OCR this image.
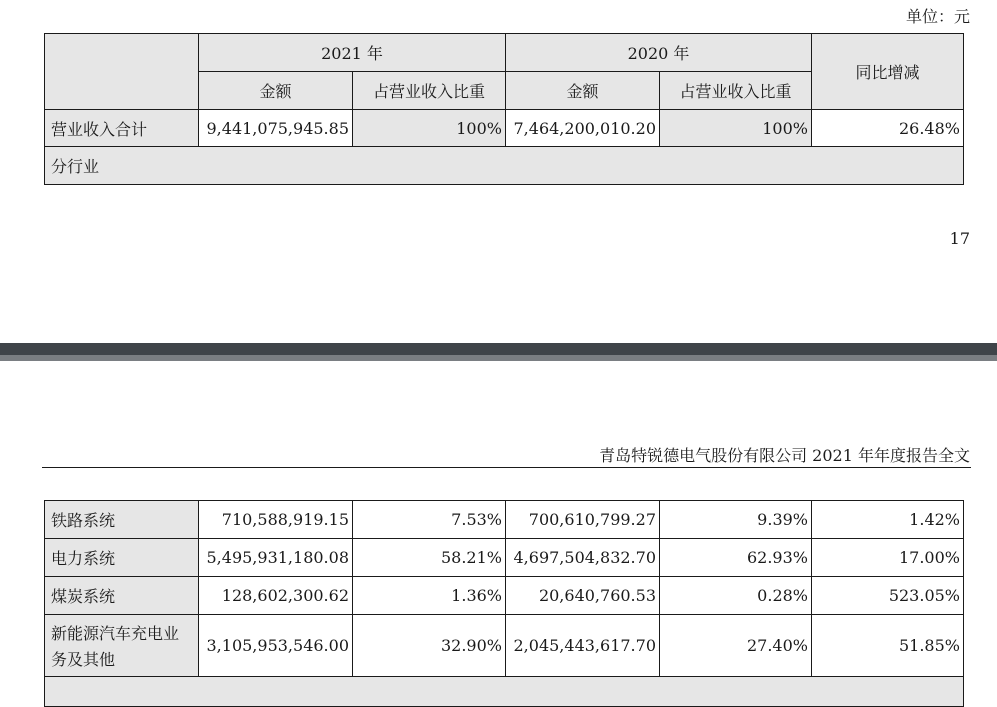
单位：元
	2021 年		2020 年		同比增减
	金额	占营业收入比重	金额	占营业收入比重	
营业收入合计	9,441,075,945.85	100%	7,464,200,010.20	100%	26.48%
分行业					
17
青岛特锐德电气股份有限公司 2021 年年度报告全文
铁路系统	710,588,919.15	7.53%	700,610,799.27	9.39%	1.42%
电力系统	5,495,931,180.08	58.21%	4,697,504,832.70	62.93%	17.00%
煤炭系统	128,602,300.62	1.36%	20,640,760.53	0.28%	523.05%
新能源汽车充电业务及其他	3,105,953,546.00	32.90%	2,045,443,617.70	27.40%	51.85%
